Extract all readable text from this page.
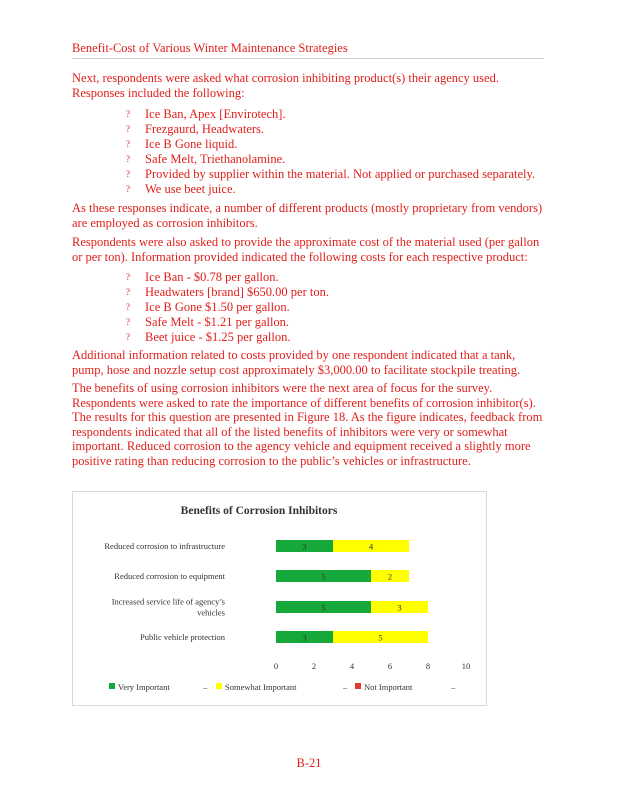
Benefit-Cost of Various Winter Maintenance Strategies

Next, respondents were asked what corrosion inhibiting product(s) their agency used. Responses included the following:

? Ice Ban, Apex [Envirotech].
? Frezgaurd, Headwaters.
? Ice B Gone liquid.
? Safe Melt, Triethanolamine.
? Provided by supplier within the material. Not applied or purchased separately.
? We use beet juice.

As these responses indicate, a number of different products (mostly proprietary from vendors) are employed as corrosion inhibitors.

Respondents were also asked to provide the approximate cost of the material used (per gallon or per ton). Information provided indicated the following costs for each respective product:

? Ice Ban - $0.78 per gallon.
? Headwaters [brand] $650.00 per ton.
? Ice B Gone $1.50 per gallon.
? Safe Melt - $1.21 per gallon.
? Beet juice - $1.25 per gallon.

Additional information related to costs provided by one respondent indicated that a tank, pump, hose and nozzle setup cost approximately $3,000.00 to facilitate stockpile treating.

The benefits of using corrosion inhibitors were the next area of focus for the survey. Respondents were asked to rate the importance of different benefits of corrosion inhibitor(s). The results for this question are presented in Figure 18. As the figure indicates, feedback from respondents indicated that all of the listed benefits of inhibitors were very or somewhat important. Reduced corrosion to the agency vehicle and equipment received a slightly more positive rating than reducing corrosion to the public’s vehicles or infrastructure.

Benefits of Corrosion Inhibitors
Reduced corrosion to infrastructure
Reduced corrosion to equipment
Increased service life of agency’s vehicles
Public vehicle protection
3	4
5	2
5	3
3	5
0	2	4	6	8	10
Very Important	– Somewhat Important	– Not Important	–
B-21
